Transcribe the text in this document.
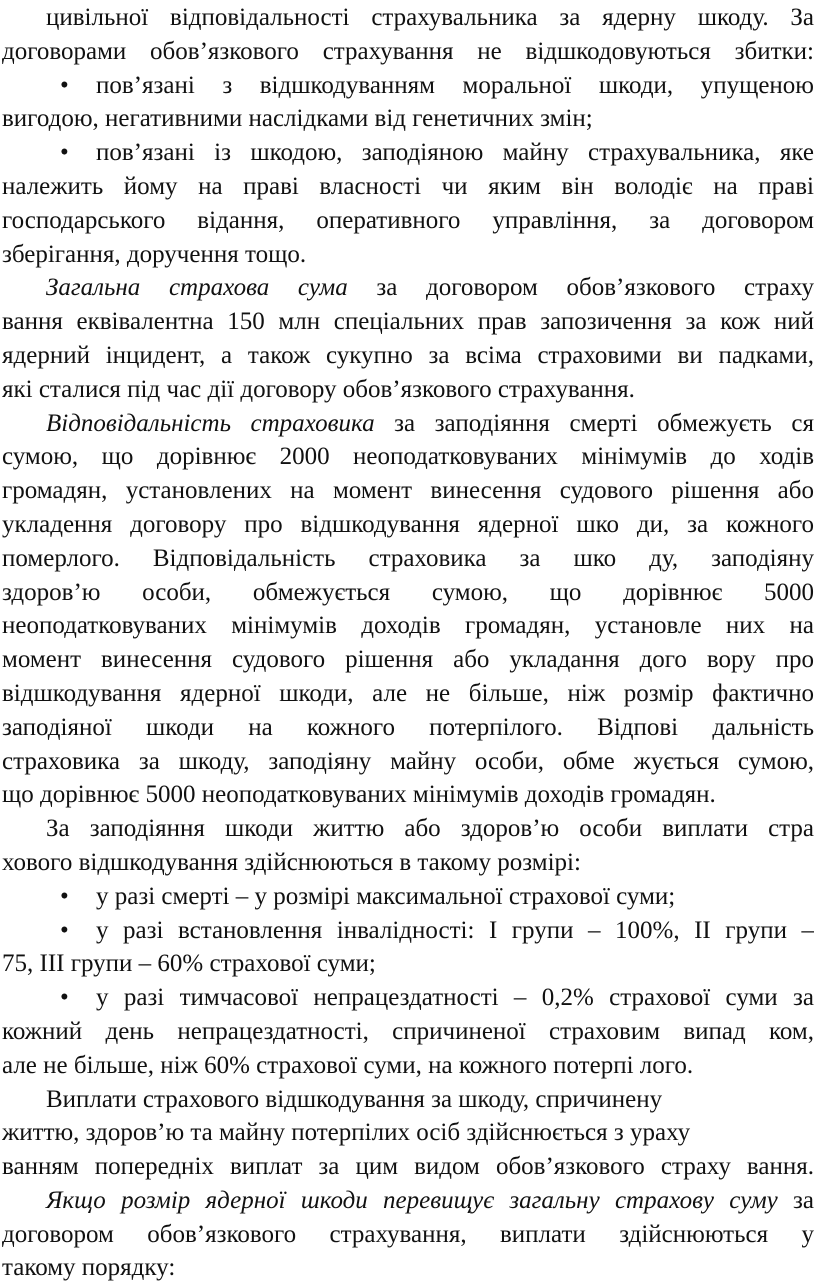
цивільної відповідальності страхувальника за ядерну шкоду. За
договорами обов’язкового страхування не відшкодовуються збитки:
• пов’язані з відшкодуванням моральної шкоди, упущеною
вигодою, негативними наслідками від генетичних змін;
• пов’язані із шкодою, заподіяною майну страхувальника, яке
належить йому на праві власності чи яким він володіє на праві
господарського відання, оперативного управління, за договором
зберігання, доручення тощо.
Загальна страхова сума за договором обов’язкового страху
вання еквівалентна 150 млн спеціальних прав запозичення за кож ний
ядерний інцидент, а також сукупно за всіма страховими ви падками,
які сталися під час дії договору обов’язкового страхування.
Відповідальність страховика за заподіяння смерті обмежуєть ся
сумою, що дорівнює 2000 неоподатковуваних мінімумів до ходів
громадян, установлених на момент винесення судового рішення або
укладення договору про відшкодування ядерної шко ди, за кожного
померлого. Відповідальність страховика за шко ду, заподіяну
здоров’ю особи, обмежується сумою, що дорівнює 5000
неоподатковуваних мінімумів доходів громадян, установле них на
момент винесення судового рішення або укладання дого вору про
відшкодування ядерної шкоди, але не більше, ніж розмір фактично
заподіяної шкоди на кожного потерпілого. Відпові дальність
страховика за шкоду, заподіяну майну особи, обме жується сумою,
що дорівнює 5000 неоподатковуваних мінімумів доходів громадян.
За заподіяння шкоди життю або здоров’ю особи виплати стра
хового відшкодування здійснюються в такому розмірі:
• у разі смерті – у розмірі максимальної страхової суми;
• у разі встановлення інвалідності: I групи – 100%, II групи –
75, III групи – 60% страхової суми;
• у разі тимчасової непрацездатності – 0,2% страхової суми за
кожний день непрацездатності, спричиненої страховим випад ком,
але не більше, ніж 60% страхової суми, на кожного потерпі лого.
Виплати страхового відшкодування за шкоду, спричинену
життю, здоров’ю та майну потерпілих осіб здійснюється з ураху
ванням попередніх виплат за цим видом обов’язкового страху вання.
Якщо розмір ядерної шкоди перевищує загальну страхову суму за
договором обов’язкового страхування, виплати здійснюються у
такому порядку:
